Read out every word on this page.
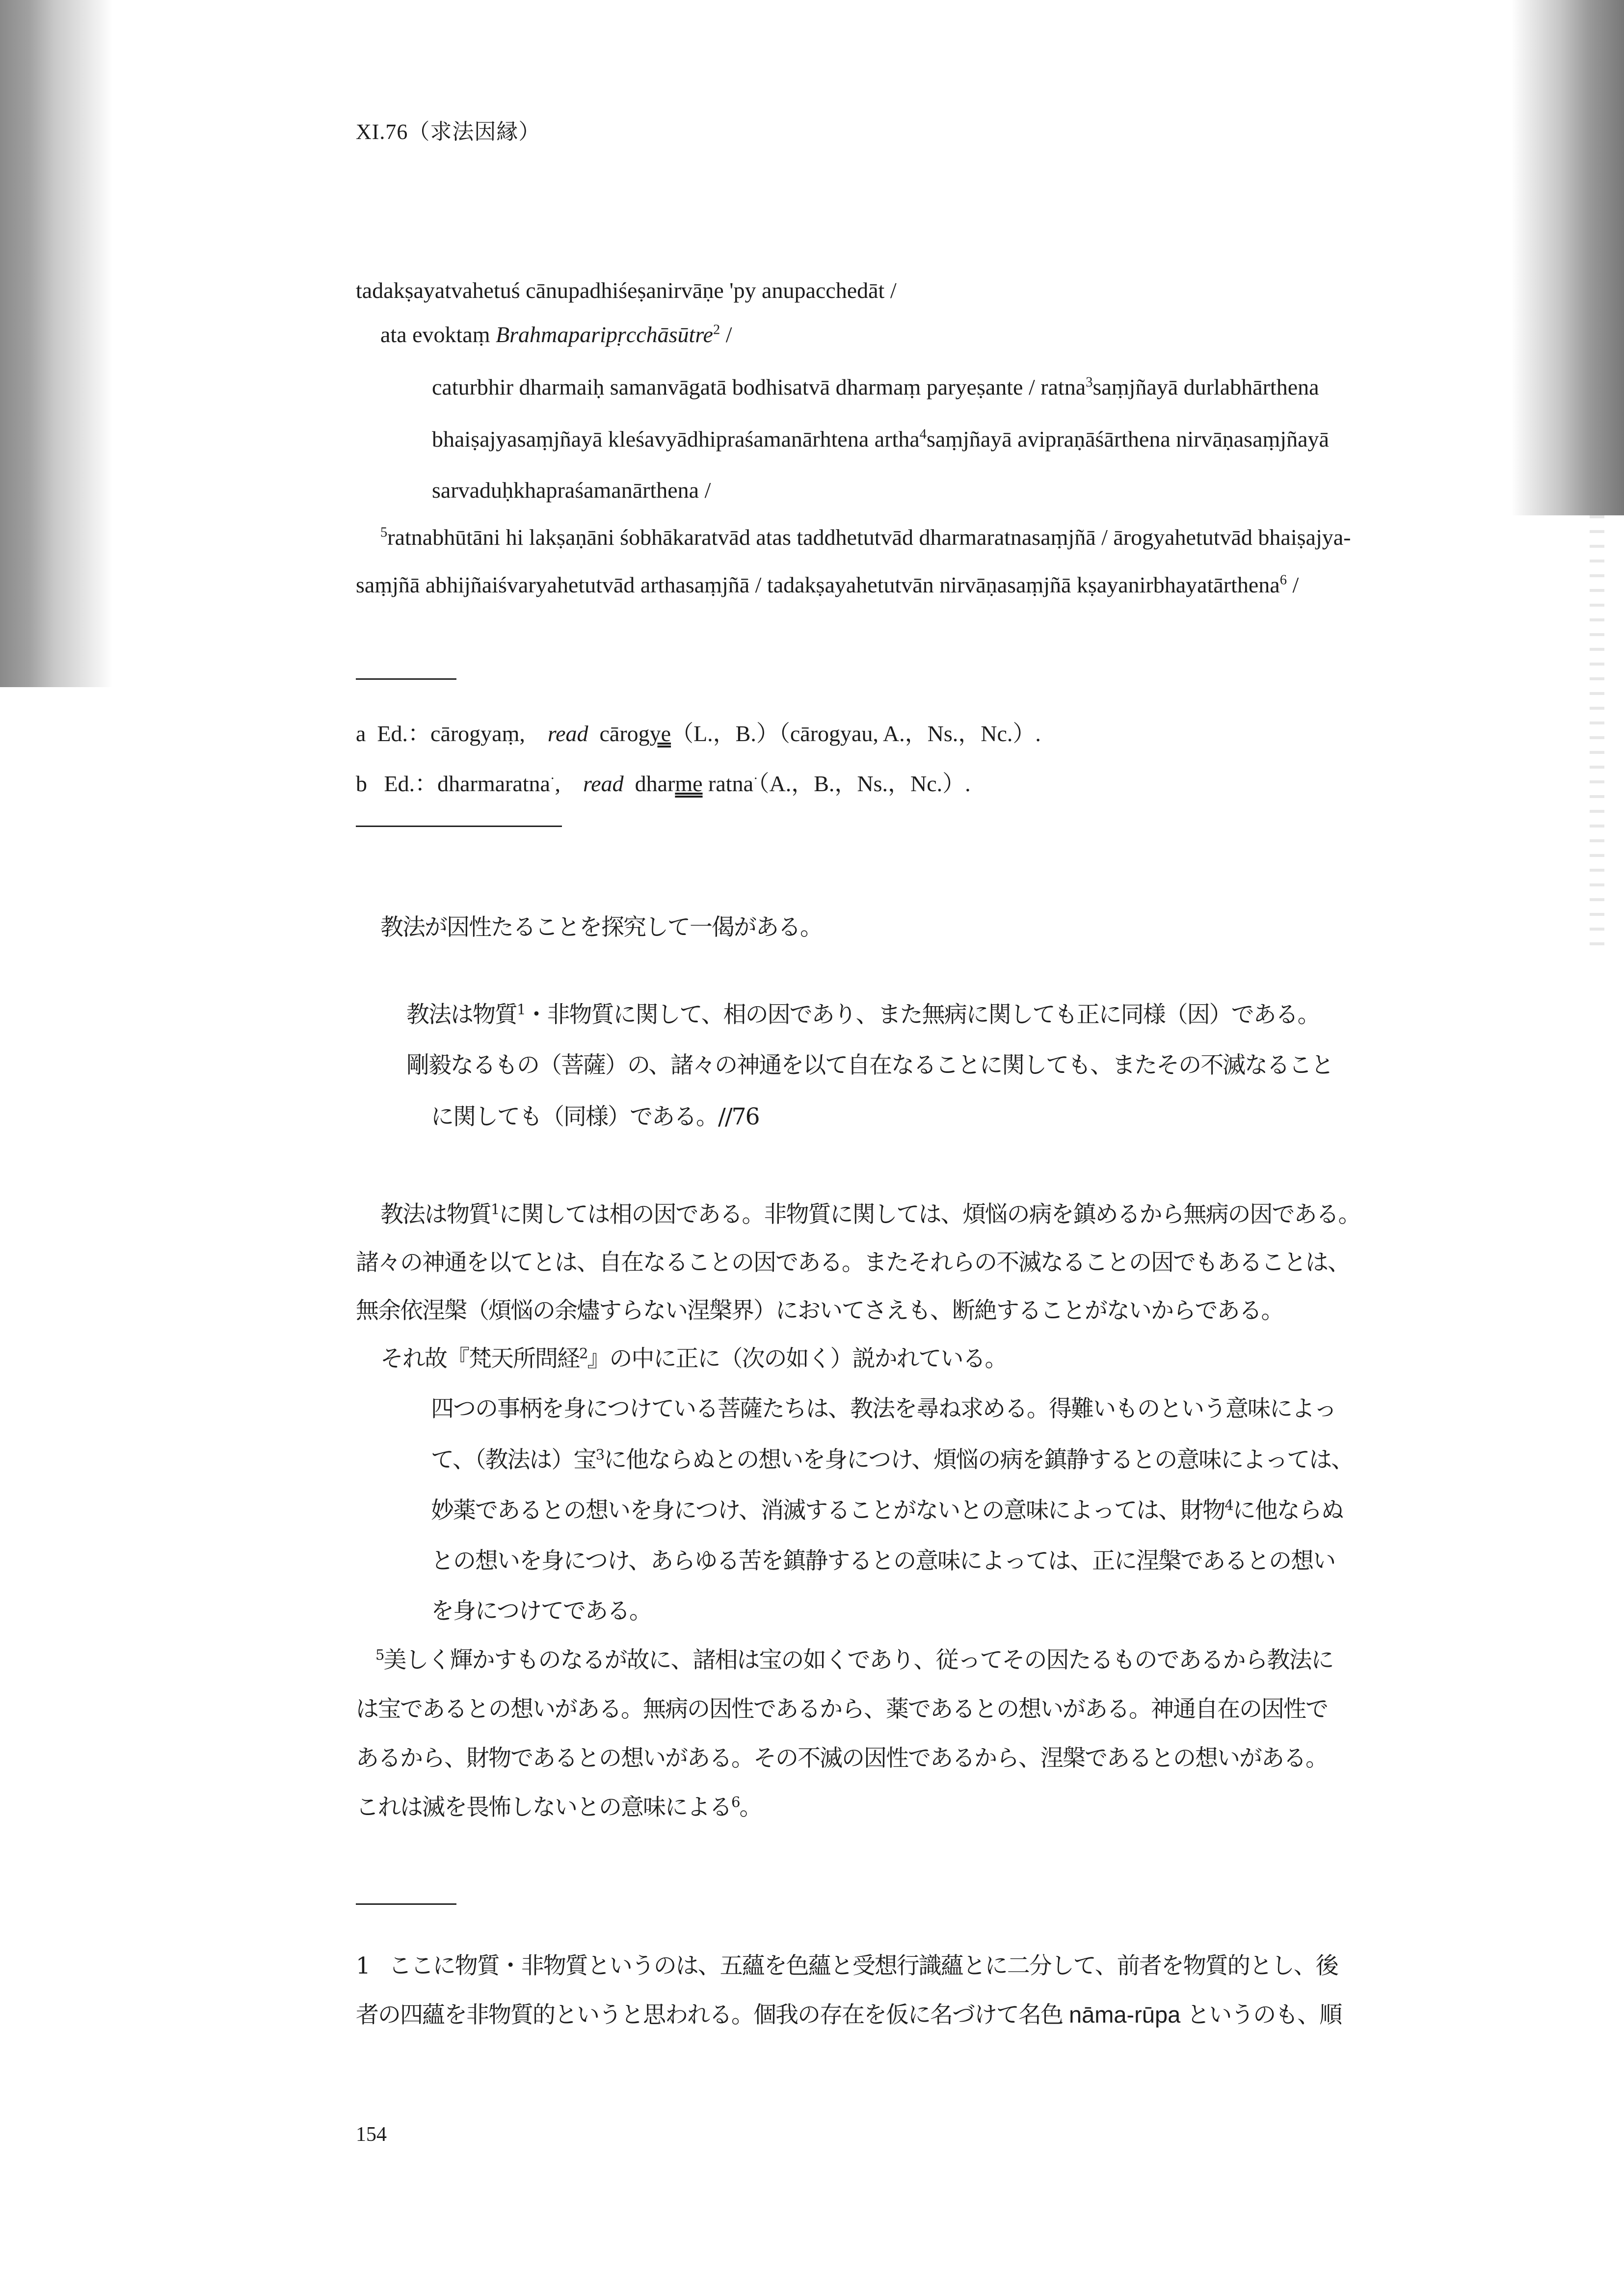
XI.76（求法因縁）
tadakṣayatvahetuś cānupadhiśeṣanirvāṇe 'py anupacchedāt /
ata evoktaṃ Brahmaparipṛcchāsūtre$^2$ /
caturbhir dharmaiḥ samanvāgatā bodhisatvā dharmaṃ paryeṣante / ratna$^3$saṃjñayā durlabhārthena
bhaiṣajyasaṃjñayā kleśavyādhipraśamanārhtena artha$^4$saṃjñayā avipraṇāśārthena nirvāṇasaṃjñayā
sarvaduḥkhapraśamanārthena /
$^5$ratnabhūtāni hi lakṣaṇāni śobhākaratvād atas taddhetutvād dharmaratnasaṃjñā / ārogyahetutvād bhaiṣajya-
saṃjñā abhijñaiśvaryahetutvād arthasaṃjñā / tadakṣayahetutvān nirvāṇasaṃjñā kṣayanirbhayatārthena$^6$ /
a Ed.：cārogyaṃ, read cārogye（L.，B.）（cārogyau, A.，Ns.，Nc.）.
b Ed.：dharmaratna·, read dharme ratna·（A.，B.，Ns.，Nc.）.
教法が因性たることを探究して一偈がある。
教法は物質$^1$・非物質に関して、相の因であり、また無病に関しても正に同様（因）である。
剛毅なるもの（菩薩）の、諸々の神通を以て自在なることに関しても、またその不滅なること
に関しても（同様）である。//76
教法は物質$^1$に関しては相の因である。非物質に関しては、煩悩の病を鎮めるから無病の因である。
諸々の神通を以てとは、自在なることの因である。またそれらの不滅なることの因でもあることは、
無余依涅槃（煩悩の余燼すらない涅槃界）においてさえも、断絶することがないからである。
それ故『梵天所問経$^2$』の中に正に（次の如く）説かれている。
四つの事柄を身につけている菩薩たちは、教法を尋ね求める。得難いものという意味によっ
て、（教法は）宝$^3$に他ならぬとの想いを身につけ、煩悩の病を鎮静するとの意味によっては、
妙薬であるとの想いを身につけ、消滅することがないとの意味によっては、財物$^4$に他ならぬ
との想いを身につけ、あらゆる苦を鎮静するとの意味によっては、正に涅槃であるとの想い
を身につけてである。
$^5$美しく輝かすものなるが故に、諸相は宝の如くであり、従ってその因たるものであるから教法に
は宝であるとの想いがある。無病の因性であるから、薬であるとの想いがある。神通自在の因性で
あるから、財物であるとの想いがある。その不滅の因性であるから、涅槃であるとの想いがある。
これは滅を畏怖しないとの意味による$^6$。
1 ここに物質・非物質というのは、五蘊を色蘊と受想行識蘊とに二分して、前者を物質的とし、後
者の四蘊を非物質的というと思われる。個我の存在を仮に名づけて名色 nāma-rūpa というのも、順
154
